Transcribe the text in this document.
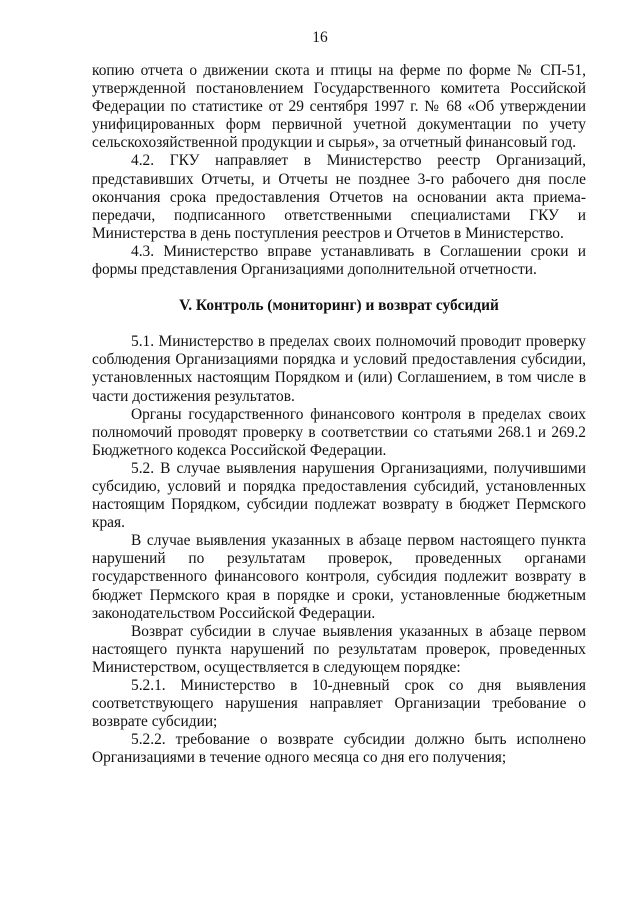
16

копию отчета о движении скота и птицы на ферме по форме № СП-51, утвержденной постановлением Государственного комитета Российской Федерации по статистике от 29 сентября 1997 г. № 68 «Об утверждении унифицированных форм первичной учетной документации по учету сельскохозяйственной продукции и сырья», за отчетный финансовый год.

4.2. ГКУ направляет в Министерство реестр Организаций, представивших Отчеты, и Отчеты не позднее 3-го рабочего дня после окончания срока предоставления Отчетов на основании акта приема-передачи, подписанного ответственными специалистами ГКУ и Министерства в день поступления реестров и Отчетов в Министерство.

4.3. Министерство вправе устанавливать в Соглашении сроки и формы представления Организациями дополнительной отчетности.

V. Контроль (мониторинг) и возврат субсидий

5.1. Министерство в пределах своих полномочий проводит проверку соблюдения Организациями порядка и условий предоставления субсидии, установленных настоящим Порядком и (или) Соглашением, в том числе в части достижения результатов.

Органы государственного финансового контроля в пределах своих полномочий проводят проверку в соответствии со статьями 268.1 и 269.2 Бюджетного кодекса Российской Федерации.

5.2. В случае выявления нарушения Организациями, получившими субсидию, условий и порядка предоставления субсидий, установленных настоящим Порядком, субсидии подлежат возврату в бюджет Пермского края.

В случае выявления указанных в абзаце первом настоящего пункта нарушений по результатам проверок, проведенных органами государственного финансового контроля, субсидия подлежит возврату в бюджет Пермского края в порядке и сроки, установленные бюджетным законодательством Российской Федерации.

Возврат субсидии в случае выявления указанных в абзаце первом настоящего пункта нарушений по результатам проверок, проведенных Министерством, осуществляется в следующем порядке:

5.2.1. Министерство в 10-дневный срок со дня выявления соответствующего нарушения направляет Организации требование о возврате субсидии;

5.2.2. требование о возврате субсидии должно быть исполнено Организациями в течение одного месяца со дня его получения;
